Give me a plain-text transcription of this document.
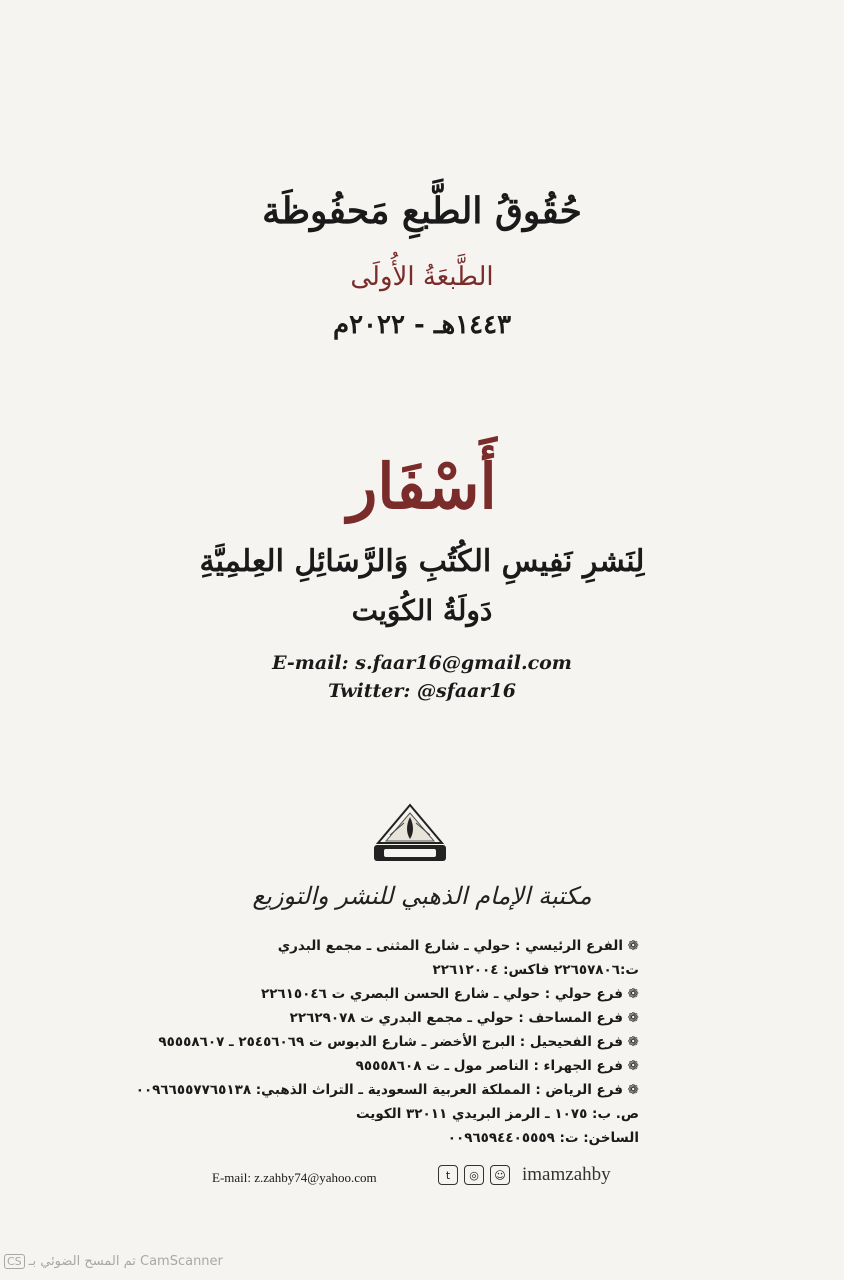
حُقُوقُ الطَّبعِ مَحفُوظَة
الطَّبعَةُ الأُولَى
١٤٤٣هـ - ٢٠٢٢م
أَسْفَار
لِنَشرِ نَفِيسِ الكُتُبِ وَالرَّسَائِلِ العِلمِيَّةِ
دَولَةُ الكُوَيت
E-mail: s.faar16@gmail.com
Twitter: @sfaar16
مكتبة الإمام الذهبي للنشر والتوزيع
❁ الفرع الرئيسي : حولي ـ شارع المثنى ـ مجمع البدري
ت:٢٢٦٥٧٨٠٦ فاكس: ٢٢٦١٢٠٠٤
❁ فرع حولي : حولي ـ شارع الحسن البصري ت ٢٢٦١٥٠٤٦
❁ فرع المساحف : حولي ـ مجمع البدري ت ٢٢٦٢٩٠٧٨
❁ فرع الفحيحيل : البرج الأخضر ـ شارع الدبوس ت ٢٥٤٥٦٠٦٩ ـ ٩٥٥٥٨٦٠٧
❁ فرع الجهراء : الناصر مول ـ ت ٩٥٥٥٨٦٠٨
❁ فرع الرياض : المملكة العربية السعودية ـ التراث الذهبي: ٠٠٩٦٦٥٥٧٧٦٥١٣٨
ص. ب: ١٠٧٥ ـ الرمز البريدي ٣٢٠١١ الكويت
الساخن: ت: ٠٠٩٦٥٩٤٤٠٥٥٥٩
E-mail: z.zahby74@yahoo.com	t	◎	☺ imamzahby
CS تم المسح الضوئي بـ CamScanner
